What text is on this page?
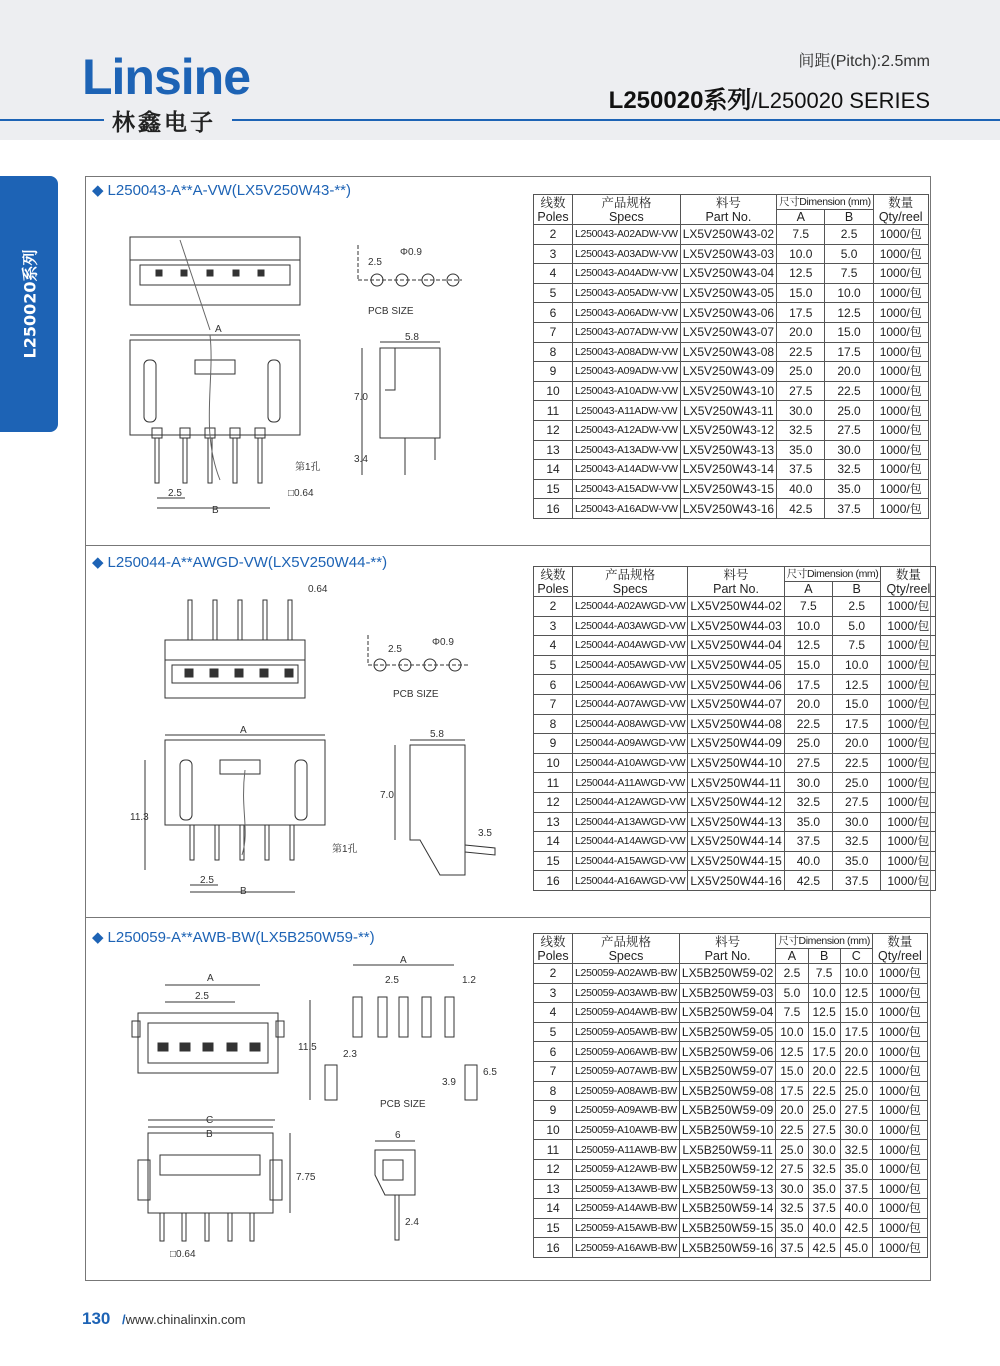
Linsine
林鑫电子
间距(Pitch):2.5mm
L250020系列/L250020 SERIES
L250020系列
◆ L250043-A**A-VW(LX5V250W43-**)
◆ L250044-A**AWGD-VW(LX5V250W44-**)
◆ L250059-A**AWB-BW(LX5B250W59-**)
线数
Poles	产品规格
Specs	料号
Part No.	尺寸Dimension (mm)		数量
Qty/reel
			A	B	
2	L250043-A02ADW-VW	LX5V250W43-02	7.5	2.5	1000/包
3	L250043-A03ADW-VW	LX5V250W43-03	10.0	5.0	1000/包
4	L250043-A04ADW-VW	LX5V250W43-04	12.5	7.5	1000/包
5	L250043-A05ADW-VW	LX5V250W43-05	15.0	10.0	1000/包
6	L250043-A06ADW-VW	LX5V250W43-06	17.5	12.5	1000/包
7	L250043-A07ADW-VW	LX5V250W43-07	20.0	15.0	1000/包
8	L250043-A08ADW-VW	LX5V250W43-08	22.5	17.5	1000/包
9	L250043-A09ADW-VW	LX5V250W43-09	25.0	20.0	1000/包
10	L250043-A10ADW-VW	LX5V250W43-10	27.5	22.5	1000/包
11	L250043-A11ADW-VW	LX5V250W43-11	30.0	25.0	1000/包
12	L250043-A12ADW-VW	LX5V250W43-12	32.5	27.5	1000/包
13	L250043-A13ADW-VW	LX5V250W43-13	35.0	30.0	1000/包
14	L250043-A14ADW-VW	LX5V250W43-14	37.5	32.5	1000/包
15	L250043-A15ADW-VW	LX5V250W43-15	40.0	35.0	1000/包
16	L250043-A16ADW-VW	LX5V250W43-16	42.5	37.5	1000/包
线数
Poles	产品规格
Specs	料号
Part No.	尺寸Dimension (mm)		数量
Qty/reel
			A	B	
2	L250044-A02AWGD-VW	LX5V250W44-02	7.5	2.5	1000/包
3	L250044-A03AWGD-VW	LX5V250W44-03	10.0	5.0	1000/包
4	L250044-A04AWGD-VW	LX5V250W44-04	12.5	7.5	1000/包
5	L250044-A05AWGD-VW	LX5V250W44-05	15.0	10.0	1000/包
6	L250044-A06AWGD-VW	LX5V250W44-06	17.5	12.5	1000/包
7	L250044-A07AWGD-VW	LX5V250W44-07	20.0	15.0	1000/包
8	L250044-A08AWGD-VW	LX5V250W44-08	22.5	17.5	1000/包
9	L250044-A09AWGD-VW	LX5V250W44-09	25.0	20.0	1000/包
10	L250044-A10AWGD-VW	LX5V250W44-10	27.5	22.5	1000/包
11	L250044-A11AWGD-VW	LX5V250W44-11	30.0	25.0	1000/包
12	L250044-A12AWGD-VW	LX5V250W44-12	32.5	27.5	1000/包
13	L250044-A13AWGD-VW	LX5V250W44-13	35.0	30.0	1000/包
14	L250044-A14AWGD-VW	LX5V250W44-14	37.5	32.5	1000/包
15	L250044-A15AWGD-VW	LX5V250W44-15	40.0	35.0	1000/包
16	L250044-A16AWGD-VW	LX5V250W44-16	42.5	37.5	1000/包
线数
Poles	产品规格
Specs	料号
Part No.	尺寸Dimension (mm)			数量
Qty/reel
			A	B	C	
2	L250059-A02AWB-BW	LX5B250W59-02	2.5	7.5	10.0	1000/包
3	L250059-A03AWB-BW	LX5B250W59-03	5.0	10.0	12.5	1000/包
4	L250059-A04AWB-BW	LX5B250W59-04	7.5	12.5	15.0	1000/包
5	L250059-A05AWB-BW	LX5B250W59-05	10.0	15.0	17.5	1000/包
6	L250059-A06AWB-BW	LX5B250W59-06	12.5	17.5	20.0	1000/包
7	L250059-A07AWB-BW	LX5B250W59-07	15.0	20.0	22.5	1000/包
8	L250059-A08AWB-BW	LX5B250W59-08	17.5	22.5	25.0	1000/包
9	L250059-A09AWB-BW	LX5B250W59-09	20.0	25.0	27.5	1000/包
10	L250059-A10AWB-BW	LX5B250W59-10	22.5	27.5	30.0	1000/包
11	L250059-A11AWB-BW	LX5B250W59-11	25.0	30.0	32.5	1000/包
12	L250059-A12AWB-BW	LX5B250W59-12	27.5	32.5	35.0	1000/包
13	L250059-A13AWB-BW	LX5B250W59-13	30.0	35.0	37.5	1000/包
14	L250059-A14AWB-BW	LX5B250W59-14	32.5	37.5	40.0	1000/包
15	L250059-A15AWB-BW	LX5B250W59-15	35.0	40.0	42.5	1000/包
16	L250059-A16AWB-BW	LX5B250W59-16	37.5	42.5	45.0	1000/包
2.5
Φ0.9
PCB SIZE
A
2.5
B
第1孔
□0.64
5.8
7.0
3.4
0.64
2.5
Φ0.9
PCB SIZE
A
11.3
2.5
B
第1孔
5.8
7.0
3.5
A
2.5
A
2.5	1.2
11.5
2.3
3.9
6.5
PCB SIZE
C
B
7.75
6
2.4
□0.64
130 /www.chinalinxin.com
